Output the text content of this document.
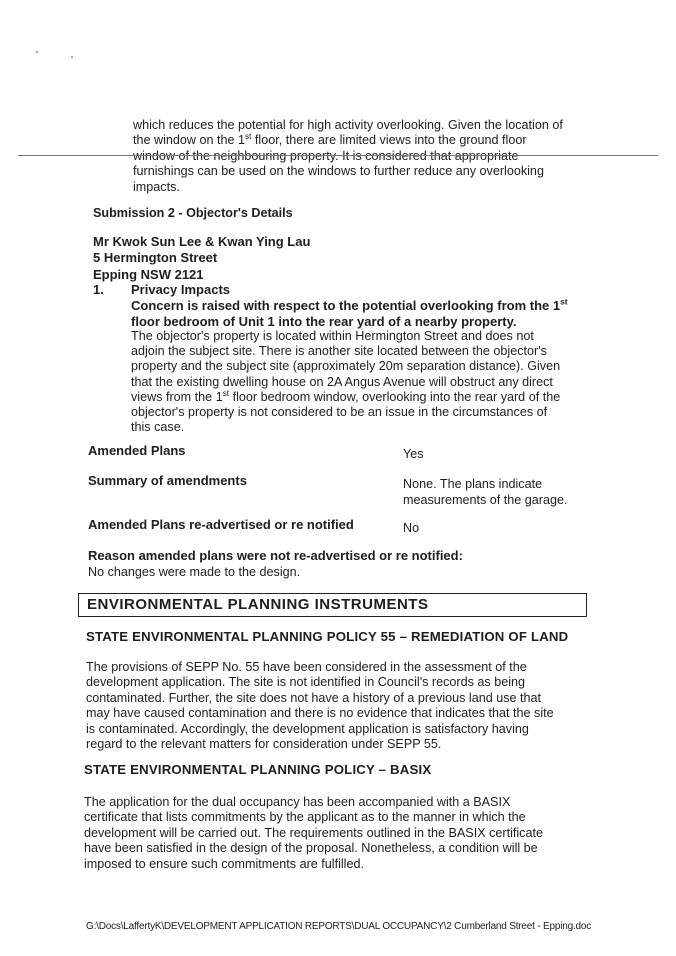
which reduces the potential for high activity overlooking. Given the location of
the window on the 1st floor, there are limited views into the ground floor
furnishings can be used on the windows to further reduce any overlooking
impacts.
Submission 2 - Objector's Details
Mr Kwok Sun Lee & Kwan Ying Lau
5 Hermington Street
Epping NSW 2121
1. Privacy Impacts
Concern is raised with respect to the potential overlooking from the 1st
floor bedroom of Unit 1 into the rear yard of a nearby property.
The objector's property is located within Hermington Street and does not
adjoin the subject site. There is another site located between the objector's
property and the subject site (approximately 20m separation distance). Given
that the existing dwelling house on 2A Angus Avenue will obstruct any direct
views from the 1st floor bedroom window, overlooking into the rear yard of the
objector's property is not considered to be an issue in the circumstances of
this case.
Amended Plans	Yes
Summary of amendments	None. The plans indicate
measurements of the garage.
Amended Plans re-advertised or re notified	No
Reason amended plans were not re-advertised or re notified:
No changes were made to the design.
ENVIRONMENTAL PLANNING INSTRUMENTS
STATE ENVIRONMENTAL PLANNING POLICY 55 – REMEDIATION OF LAND
The provisions of SEPP No. 55 have been considered in the assessment of the
development application. The site is not identified in Council's records as being
contaminated. Further, the site does not have a history of a previous land use that
may have caused contamination and there is no evidence that indicates that the site
is contaminated. Accordingly, the development application is satisfactory having
regard to the relevant matters for consideration under SEPP 55.
STATE ENVIRONMENTAL PLANNING POLICY – BASIX
The application for the dual occupancy has been accompanied with a BASIX
certificate that lists commitments by the applicant as to the manner in which the
development will be carried out. The requirements outlined in the BASIX certificate
have been satisfied in the design of the proposal. Nonetheless, a condition will be
imposed to ensure such commitments are fulfilled.
G:\Docs\LaffertyK\DEVELOPMENT APPLICATION REPORTS\DUAL OCCUPANCY\2 Cumberland Street - Epping.doc
